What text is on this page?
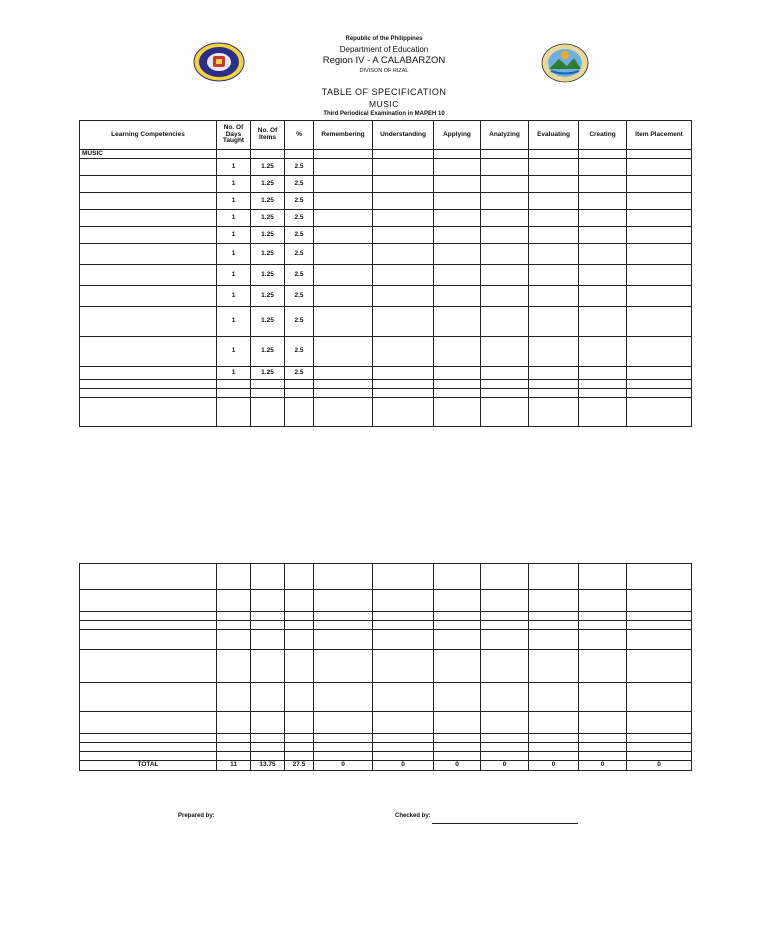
Republic of the Philippines
Department of Education
Region IV - A CALABARZON
DIVISON OF RIZAL
TABLE OF SPECIFICATION
MUSIC
Third Periodical Examination in MAPEH 10
Learning Competencies	No. Of Days Taught	No. Of Items	%	Remembering	Understanding	Applying	Analyzing	Evaluating	Creating	Item Placement
MUSIC										
	1	1.25	2.5							
	1	1.25	2.5							
	1	1.25	2.5							
	1	1.25	2.5							
	1	1.25	2.5							
	1	1.25	2.5							
	1	1.25	2.5							
	1	1.25	2.5							
	1	1.25	2.5							
	1	1.25	2.5							
	1	1.25	2.5							

TOTAL	11	13.75	27.5	0	0	0	0	0	0	0
Prepared by:	Checked by:
